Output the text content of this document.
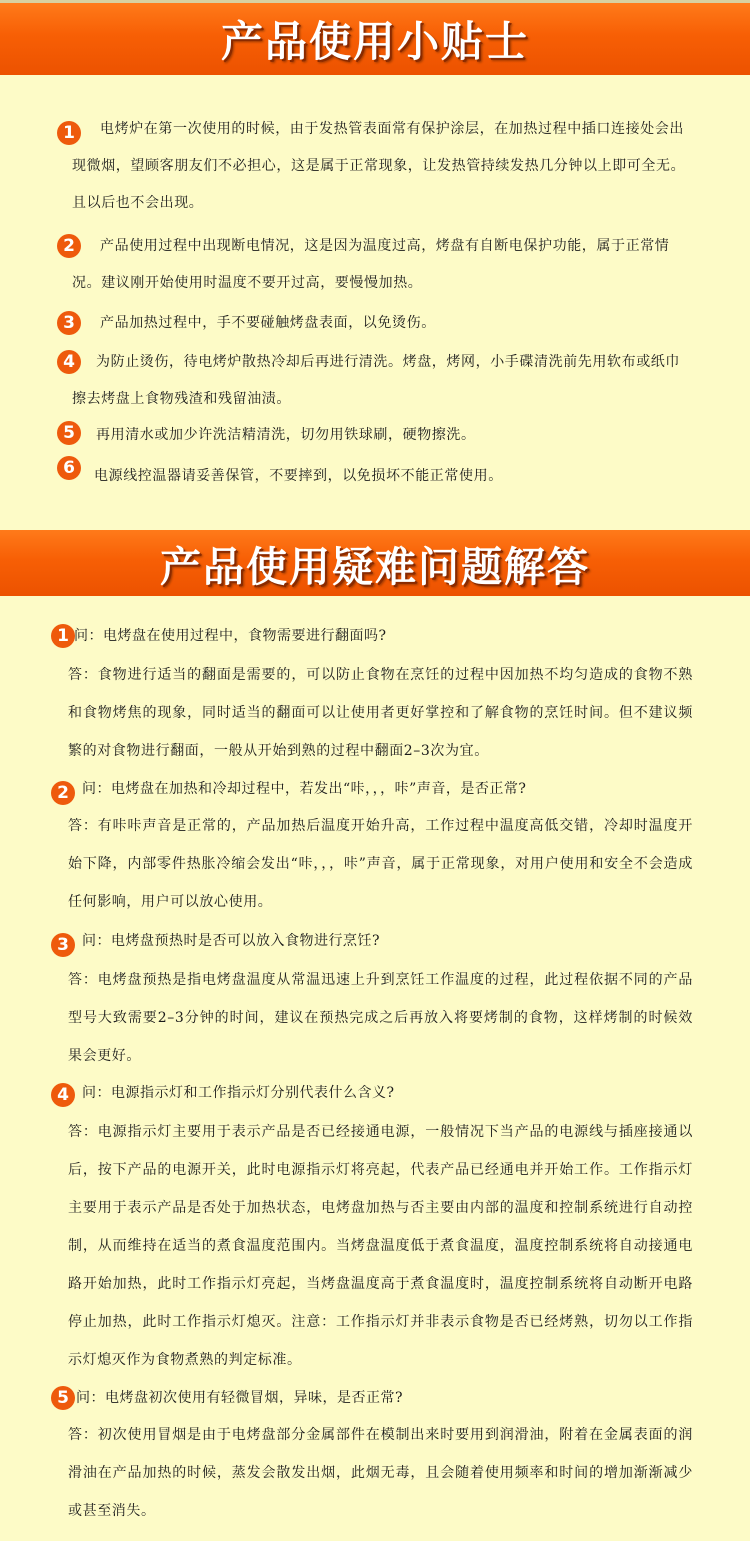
产品使用小贴士
1	电烤炉在第一次使用的时候，由于发热管表面常有保护涂层，在加热过程中插口连接处会出现微烟，望顾客朋友们不必担心，这是属于正常现象，让发热管持续发热几分钟以上即可全无。且以后也不会出现。
2	产品使用过程中出现断电情况，这是因为温度过高，烤盘有自断电保护功能，属于正常情况。建议刚开始使用时温度不要开过高，要慢慢加热。
3	产品加热过程中，手不要碰触烤盘表面，以免烫伤。
4	为防止烫伤，待电烤炉散热冷却后再进行清洗。烤盘，烤网，小手碟清洗前先用软布或纸巾擦去烤盘上食物残渣和残留油渍。
5	再用清水或加少许洗洁精清洗，切勿用铁球刷，硬物擦洗。
6	电源线控温器请妥善保管，不要摔到，以免损坏不能正常使用。
产品使用疑难问题解答
1 问：电烤盘在使用过程中，食物需要进行翻面吗?
答：食物进行适当的翻面是需要的，可以防止食物在烹饪的过程中因加热不均匀造成的食物不熟和食物烤焦的现象，同时适当的翻面可以让使用者更好掌控和了解食物的烹饪时间。但不建议频繁的对食物进行翻面，一般从开始到熟的过程中翻面2–3次为宜。
2 问：电烤盘在加热和冷却过程中，若发出“咔，，，咔”声音，是否正常?
答：有咔咔声音是正常的，产品加热后温度开始升高，工作过程中温度高低交错，冷却时温度开始下降，内部零件热胀冷缩会发出“咔，，，咔”声音，属于正常现象，对用户使用和安全不会造成任何影响，用户可以放心使用。
3 问：电烤盘预热时是否可以放入食物进行烹饪?
答：电烤盘预热是指电烤盘温度从常温迅速上升到烹饪工作温度的过程，此过程依据不同的产品型号大致需要2–3分钟的时间，建议在预热完成之后再放入将要烤制的食物，这样烤制的时候效果会更好。
4 问：电源指示灯和工作指示灯分别代表什么含义?
答：电源指示灯主要用于表示产品是否已经接通电源，一般情况下当产品的电源线与插座接通以后，按下产品的电源开关，此时电源指示灯将亮起，代表产品已经通电并开始工作。工作指示灯主要用于表示产品是否处于加热状态，电烤盘加热与否主要由内部的温度和控制系统进行自动控制，从而维持在适当的煮食温度范围内。当烤盘温度低于煮食温度，温度控制系统将自动接通电路开始加热，此时工作指示灯亮起，当烤盘温度高于煮食温度时，温度控制系统将自动断开电路停止加热，此时工作指示灯熄灭。注意：工作指示灯并非表示食物是否已经烤熟，切勿以工作指示灯熄灭作为食物煮熟的判定标准。
5 问：电烤盘初次使用有轻微冒烟，异味，是否正常?
答：初次使用冒烟是由于电烤盘部分金属部件在模制出来时要用到润滑油，附着在金属表面的润滑油在产品加热的时候，蒸发会散发出烟，此烟无毒，且会随着使用频率和时间的增加渐渐减少或甚至消失。
